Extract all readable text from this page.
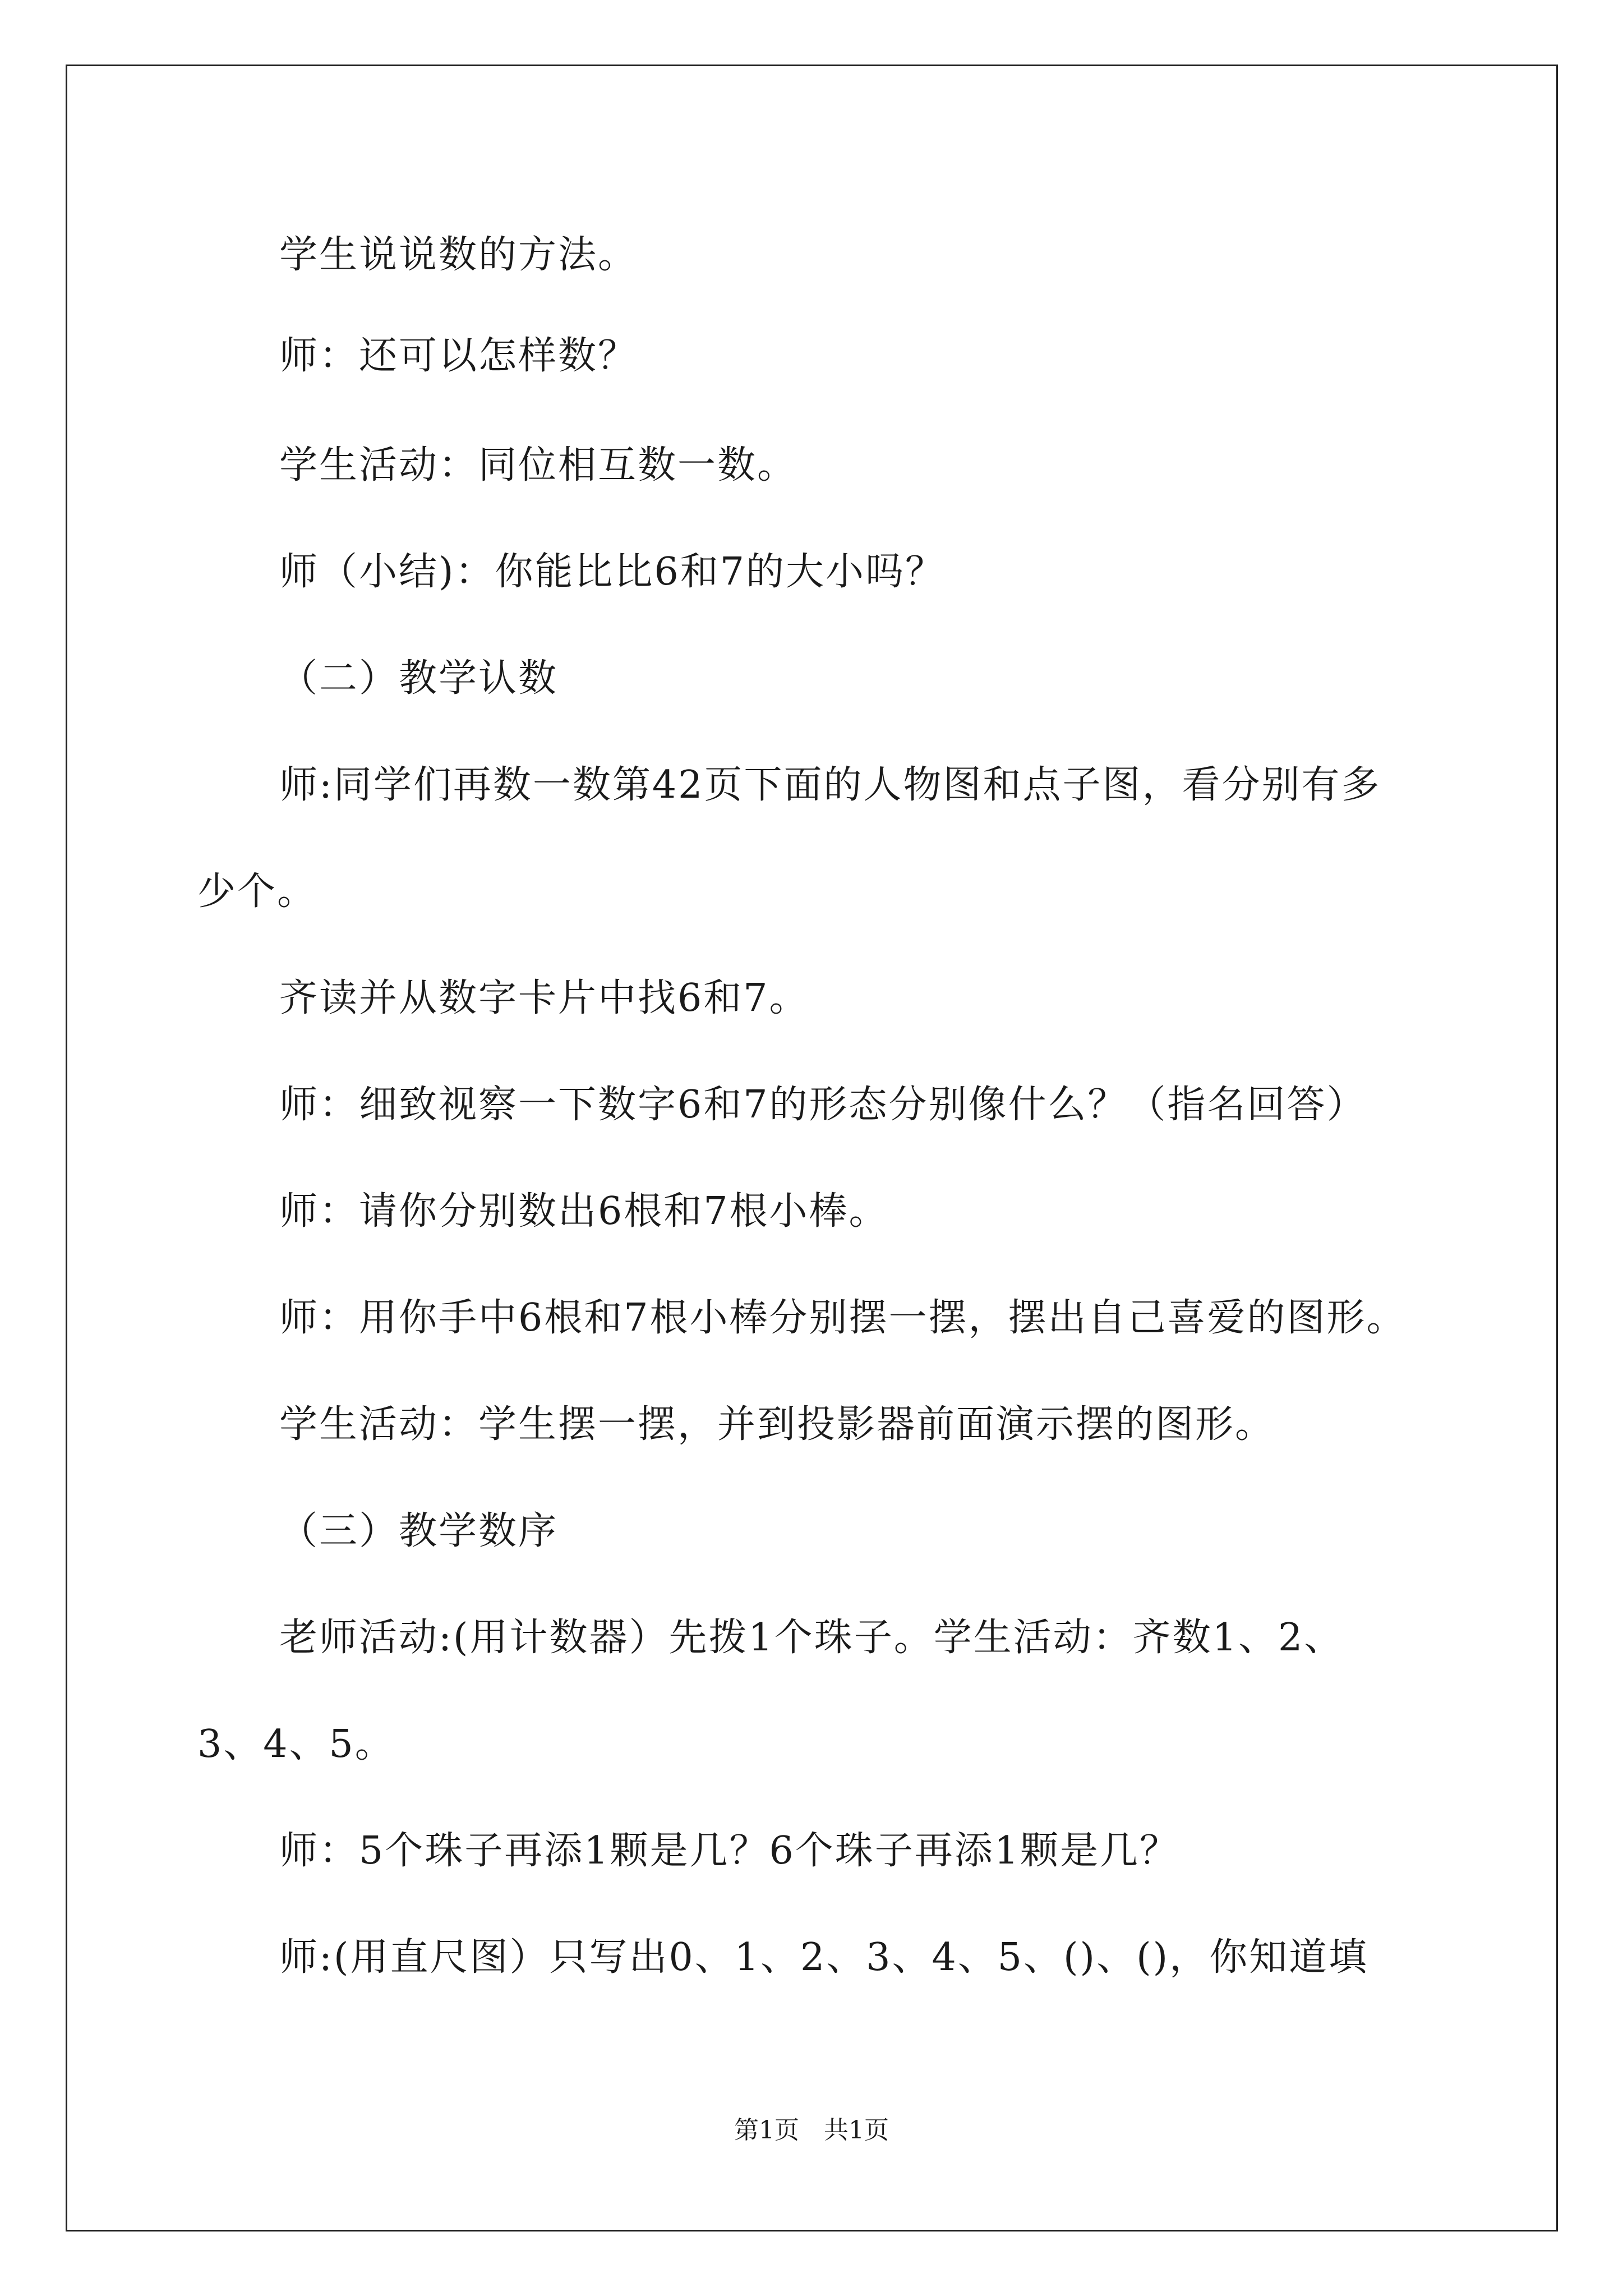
学生说说数的方法。
师：还可以怎样数？
学生活动：同位相互数一数。
师（小结)：你能比比6和7的大小吗？
（二）教学认数
师:同学们再数一数第42页下面的人物图和点子图，看分别有多
少个。
齐读并从数字卡片中找6和7。
师：细致视察一下数字6和7的形态分别像什么？（指名回答）
师：请你分别数出6根和7根小棒。
师：用你手中6根和7根小棒分别摆一摆，摆出自己喜爱的图形。
学生活动：学生摆一摆，并到投影器前面演示摆的图形。
（三）教学数序
老师活动:(用计数器）先拨1个珠子。学生活动：齐数1、2、
3、4、5。
师：5个珠子再添1颗是几？6个珠子再添1颗是几？
师:(用直尺图）只写出0、1、2、3、4、5、()、()，你知道填
第1页　共1页
